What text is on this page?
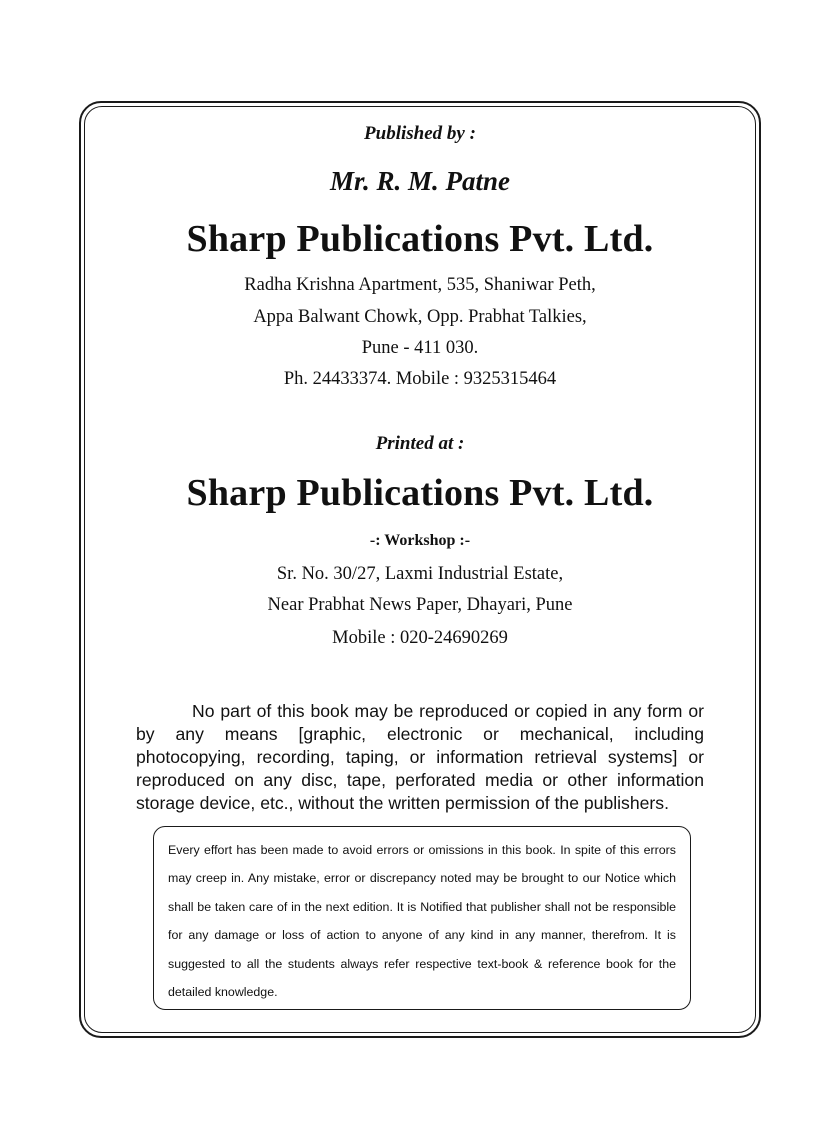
Published by :

Mr. R. M. Patne

Sharp Publications Pvt. Ltd.

Radha Krishna Apartment, 535, Shaniwar Peth,

Appa Balwant Chowk, Opp. Prabhat Talkies,

Pune - 411 030.

Ph. 24433374. Mobile : 9325315464

Printed at :

Sharp Publications Pvt. Ltd.

-: Workshop :-

Sr. No. 30/27, Laxmi Industrial Estate,

Near Prabhat News Paper, Dhayari, Pune

Mobile : 020-24690269

No part of this book may be reproduced or copied in any form or by any means [graphic, electronic or mechanical, including photocopying, recording, taping, or information retrieval systems] or reproduced on any disc, tape, perforated media or other information storage device, etc., without the written permission of the publishers.

Every effort has been made to avoid errors or omissions in this book. In spite of this errors may creep in. Any mistake, error or discrepancy noted may be brought to our Notice which shall be taken care of in the next edition. It is Notified that publisher shall not be responsible for any damage or loss of action to anyone of any kind in any manner, therefrom. It is suggested to all the students always refer respective text-book & reference book for the detailed knowledge.
